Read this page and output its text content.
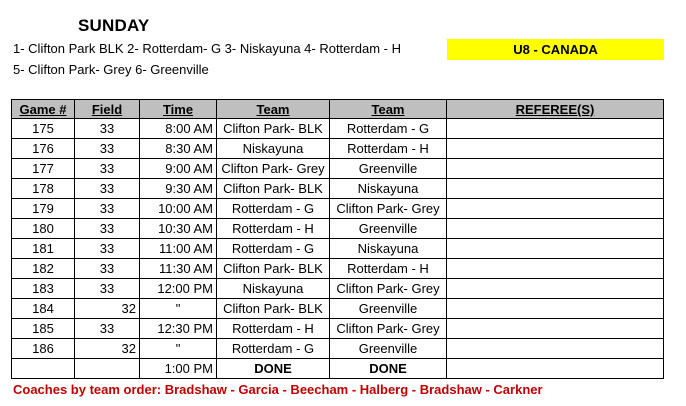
SUNDAY
1- Clifton Park BLK 2- Rotterdam- G 3- Niskayuna 4- Rotterdam - H
5- Clifton Park- Grey 6- Greenville
U8 - CANADA
Game #	Field	Time	Team	Team	REFEREE(S)
175	33	8:00 AM	Clifton Park- BLK	Rotterdam - G	
176	33	8:30 AM	Niskayuna	Rotterdam - H	
177	33	9:00 AM	Clifton Park- Grey	Greenville	
178	33	9:30 AM	Clifton Park- BLK	Niskayuna	
179	33	10:00 AM	Rotterdam - G	Clifton Park- Grey	
180	33	10:30 AM	Rotterdam - H	Greenville	
181	33	11:00 AM	Rotterdam - G	Niskayuna	
182	33	11:30 AM	Clifton Park- BLK	Rotterdam - H	
183	33	12:00 PM	Niskayuna	Clifton Park- Grey	
184	32	"	Clifton Park- BLK	Greenville	
185	33	12:30 PM	Rotterdam - H	Clifton Park- Grey	
186	32	"	Rotterdam - G	Greenville	
		1:00 PM	DONE	DONE	
Coaches by team order: Bradshaw - Garcia - Beecham - Halberg - Bradshaw - Carkner
